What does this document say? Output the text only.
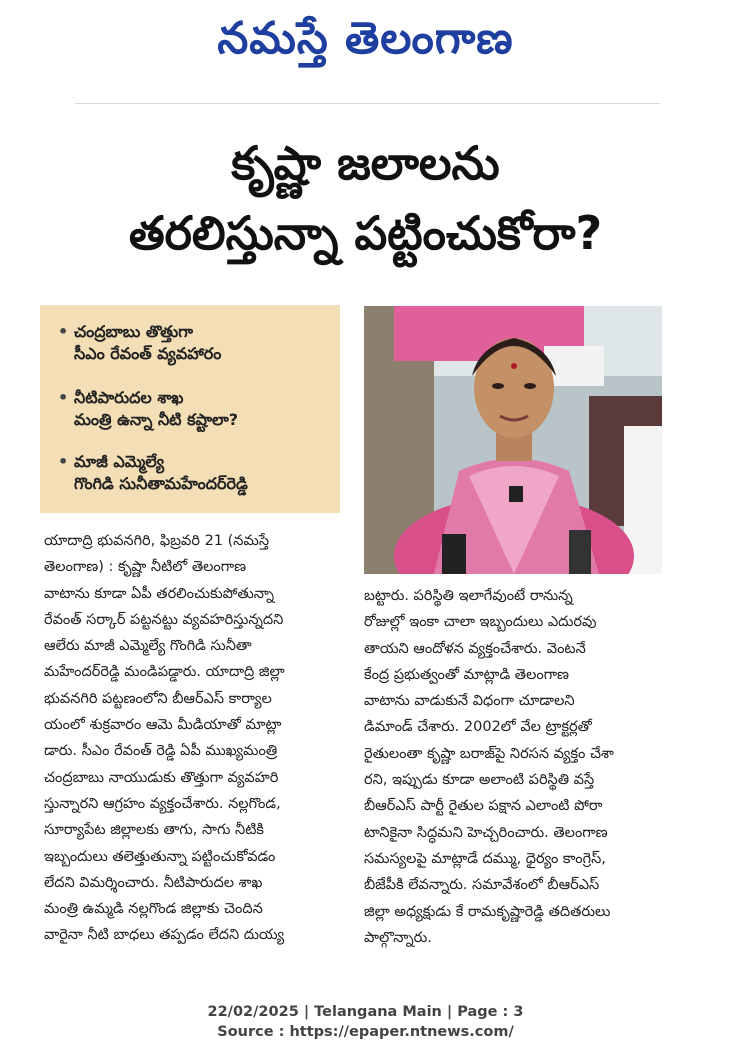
నమస్తే తెలంగాణ
కృష్ణా జలాలను
తరలిస్తున్నా పట్టించుకోరా?
• చంద్రబాబు తొత్తుగా
సీఎం రేవంత్ వ్యవహారం
• నీటిపారుదల శాఖ
మంత్రి ఉన్నా నీటి కష్టాలా?
• మాజీ ఎమ్మెల్యే
గొంగిడి సునీతామహేందర్‌రెడ్డి
యాదాద్రి భువనగిరి, ఫిబ్రవరి 21 (నమస్తే
తెలంగాణ) : కృష్ణా నీటిలో తెలంగాణ
వాటాను కూడా ఏపీ తరలించుకుపోతున్నా
రేవంత్ సర్కార్ పట్టనట్టు వ్యవహరిస్తున్నదని
ఆలేరు మాజీ ఎమ్మెల్యే గొంగిడి సునీతా
మహేందర్‌రెడ్డి మండిపడ్డారు. యాదాద్రి జిల్లా
భువనగిరి పట్టణంలోని బీఆర్‌ఎస్ కార్యాల
యంలో శుక్రవారం ఆమె మీడియాతో మాట్లా
డారు. సీఎం రేవంత్ రెడ్డి ఏపీ ముఖ్యమంత్రి
చంద్రబాబు నాయుడుకు తొత్తుగా వ్యవహరి
స్తున్నారని ఆగ్రహం వ్యక్తంచేశారు. నల్లగొండ,
సూర్యాపేట జిల్లాలకు తాగు, సాగు నీటికి
ఇబ్బందులు తలెత్తుతున్నా పట్టించుకోవడం
లేదని విమర్శించారు. నీటిపారుదల శాఖ
మంత్రి ఉమ్మడి నల్లగొండ జిల్లాకు చెందిన
వారైనా నీటి బాధలు తప్పడం లేదని దుయ్య
బట్టారు. పరిస్థితి ఇలాగేవుంటే రానున్న
రోజుల్లో ఇంకా చాలా ఇబ్బందులు ఎదురవు
తాయని ఆందోళన వ్యక్తంచేశారు. వెంటనే
కేంద్ర ప్రభుత్వంతో మాట్లాడి తెలంగాణ
వాటాను వాడుకునే విధంగా చూడాలని
డిమాండ్ చేశారు. 2002లో వేల ట్రాక్టర్లతో
రైతులంతా కృష్ణా బరాజ్‌పై నిరసన వ్యక్తం చేశా
రని, ఇప్పుడు కూడా అలాంటి పరిస్థితి వస్తే
బీఆర్‌ఎస్ పార్టీ రైతుల పక్షాన ఎలాంటి పోరా
టానికైనా సిద్ధమని హెచ్చరించారు. తెలంగాణ
సమస్యలపై మాట్లాడే దమ్ము, ధైర్యం కాంగ్రెస్,
బీజేపీకి లేవన్నారు. సమావేశంలో బీఆర్‌ఎస్
జిల్లా అధ్యక్షుడు కే రామకృష్ణారెడ్డి తదితరులు
పాల్గొన్నారు.
22/02/2025 | Telangana Main | Page : 3
Source : https://epaper.ntnews.com/
